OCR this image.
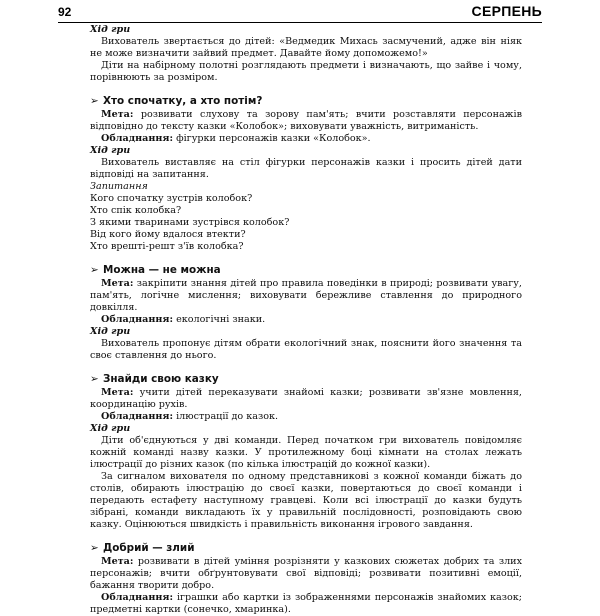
92	СЕРПЕНЬ

Хід гри

Вихователь звертається до дітей: «Ведмедик Михась засмучений, адже він ніяк не може визначити зайвий предмет. Давайте йому допоможемо!»

Діти на набірному полотні розглядають предмети і визначають, що зайве і чому, порівнюють за розміром.

➢ Хто спочатку, а хто потім?

Мета: розвивати слухову та зорову пам'ять; вчити розставляти персонажів відповідно до тексту казки «Колобок»; виховувати уважність, витриманість.

Обладнання: фігурки персонажів казки «Колобок».

Хід гри

Вихователь виставляє на стіл фігурки персонажів казки і просить дітей дати відповіді на запитання.

Запитання

Кого спочатку зустрів колобок?

Хто спік колобка?

З якими тваринами зустрівся колобок?

Від кого йому вдалося втекти?

Хто врешті-решт з'їв колобка?

➢ Можна — не можна

Мета: закріпити знання дітей про правила поведінки в природі; розвивати увагу, пам'ять, логічне мислення; виховувати бережливе ставлення до природного довкілля.

Обладнання: екологічні знаки.

Хід гри

Вихователь пропонує дітям обрати екологічний знак, пояснити його значення та своє ставлення до нього.

➢ Знайди свою казку

Мета: учити дітей переказувати знайомі казки; розвивати зв'язне мовлення, координацію рухів.

Обладнання: ілюстрації до казок.

Хід гри

Діти об'єднуються у дві команди. Перед початком гри вихователь повідомляє кожній команді назву казки. У протилежному боці кімнати на столах лежать ілюстрації до різних казок (по кілька ілюстрацій до кожної казки).

За сигналом вихователя по одному представникові з кожної команди біжать до столів, обирають ілюстрацію до своєї казки, повертаються до своєї команди і передають естафету наступному гравцеві. Коли всі ілюстрації до казки будуть зібрані, команди викладають їх у правильній послідовності, розповідають свою казку. Оцінюються швидкість і правильність виконання ігрового завдання.

➢ Добрий — злий

Мета: розвивати в дітей уміння розрізняти у казкових сюжетах добрих та злих персонажів; вчити обґрунтовувати свої відповіді; розвивати позитивні емоції, бажання творити добро.

Обладнання: іграшки або картки із зображеннями персонажів знайомих казок; предметні картки (сонечко, хмаринка).
